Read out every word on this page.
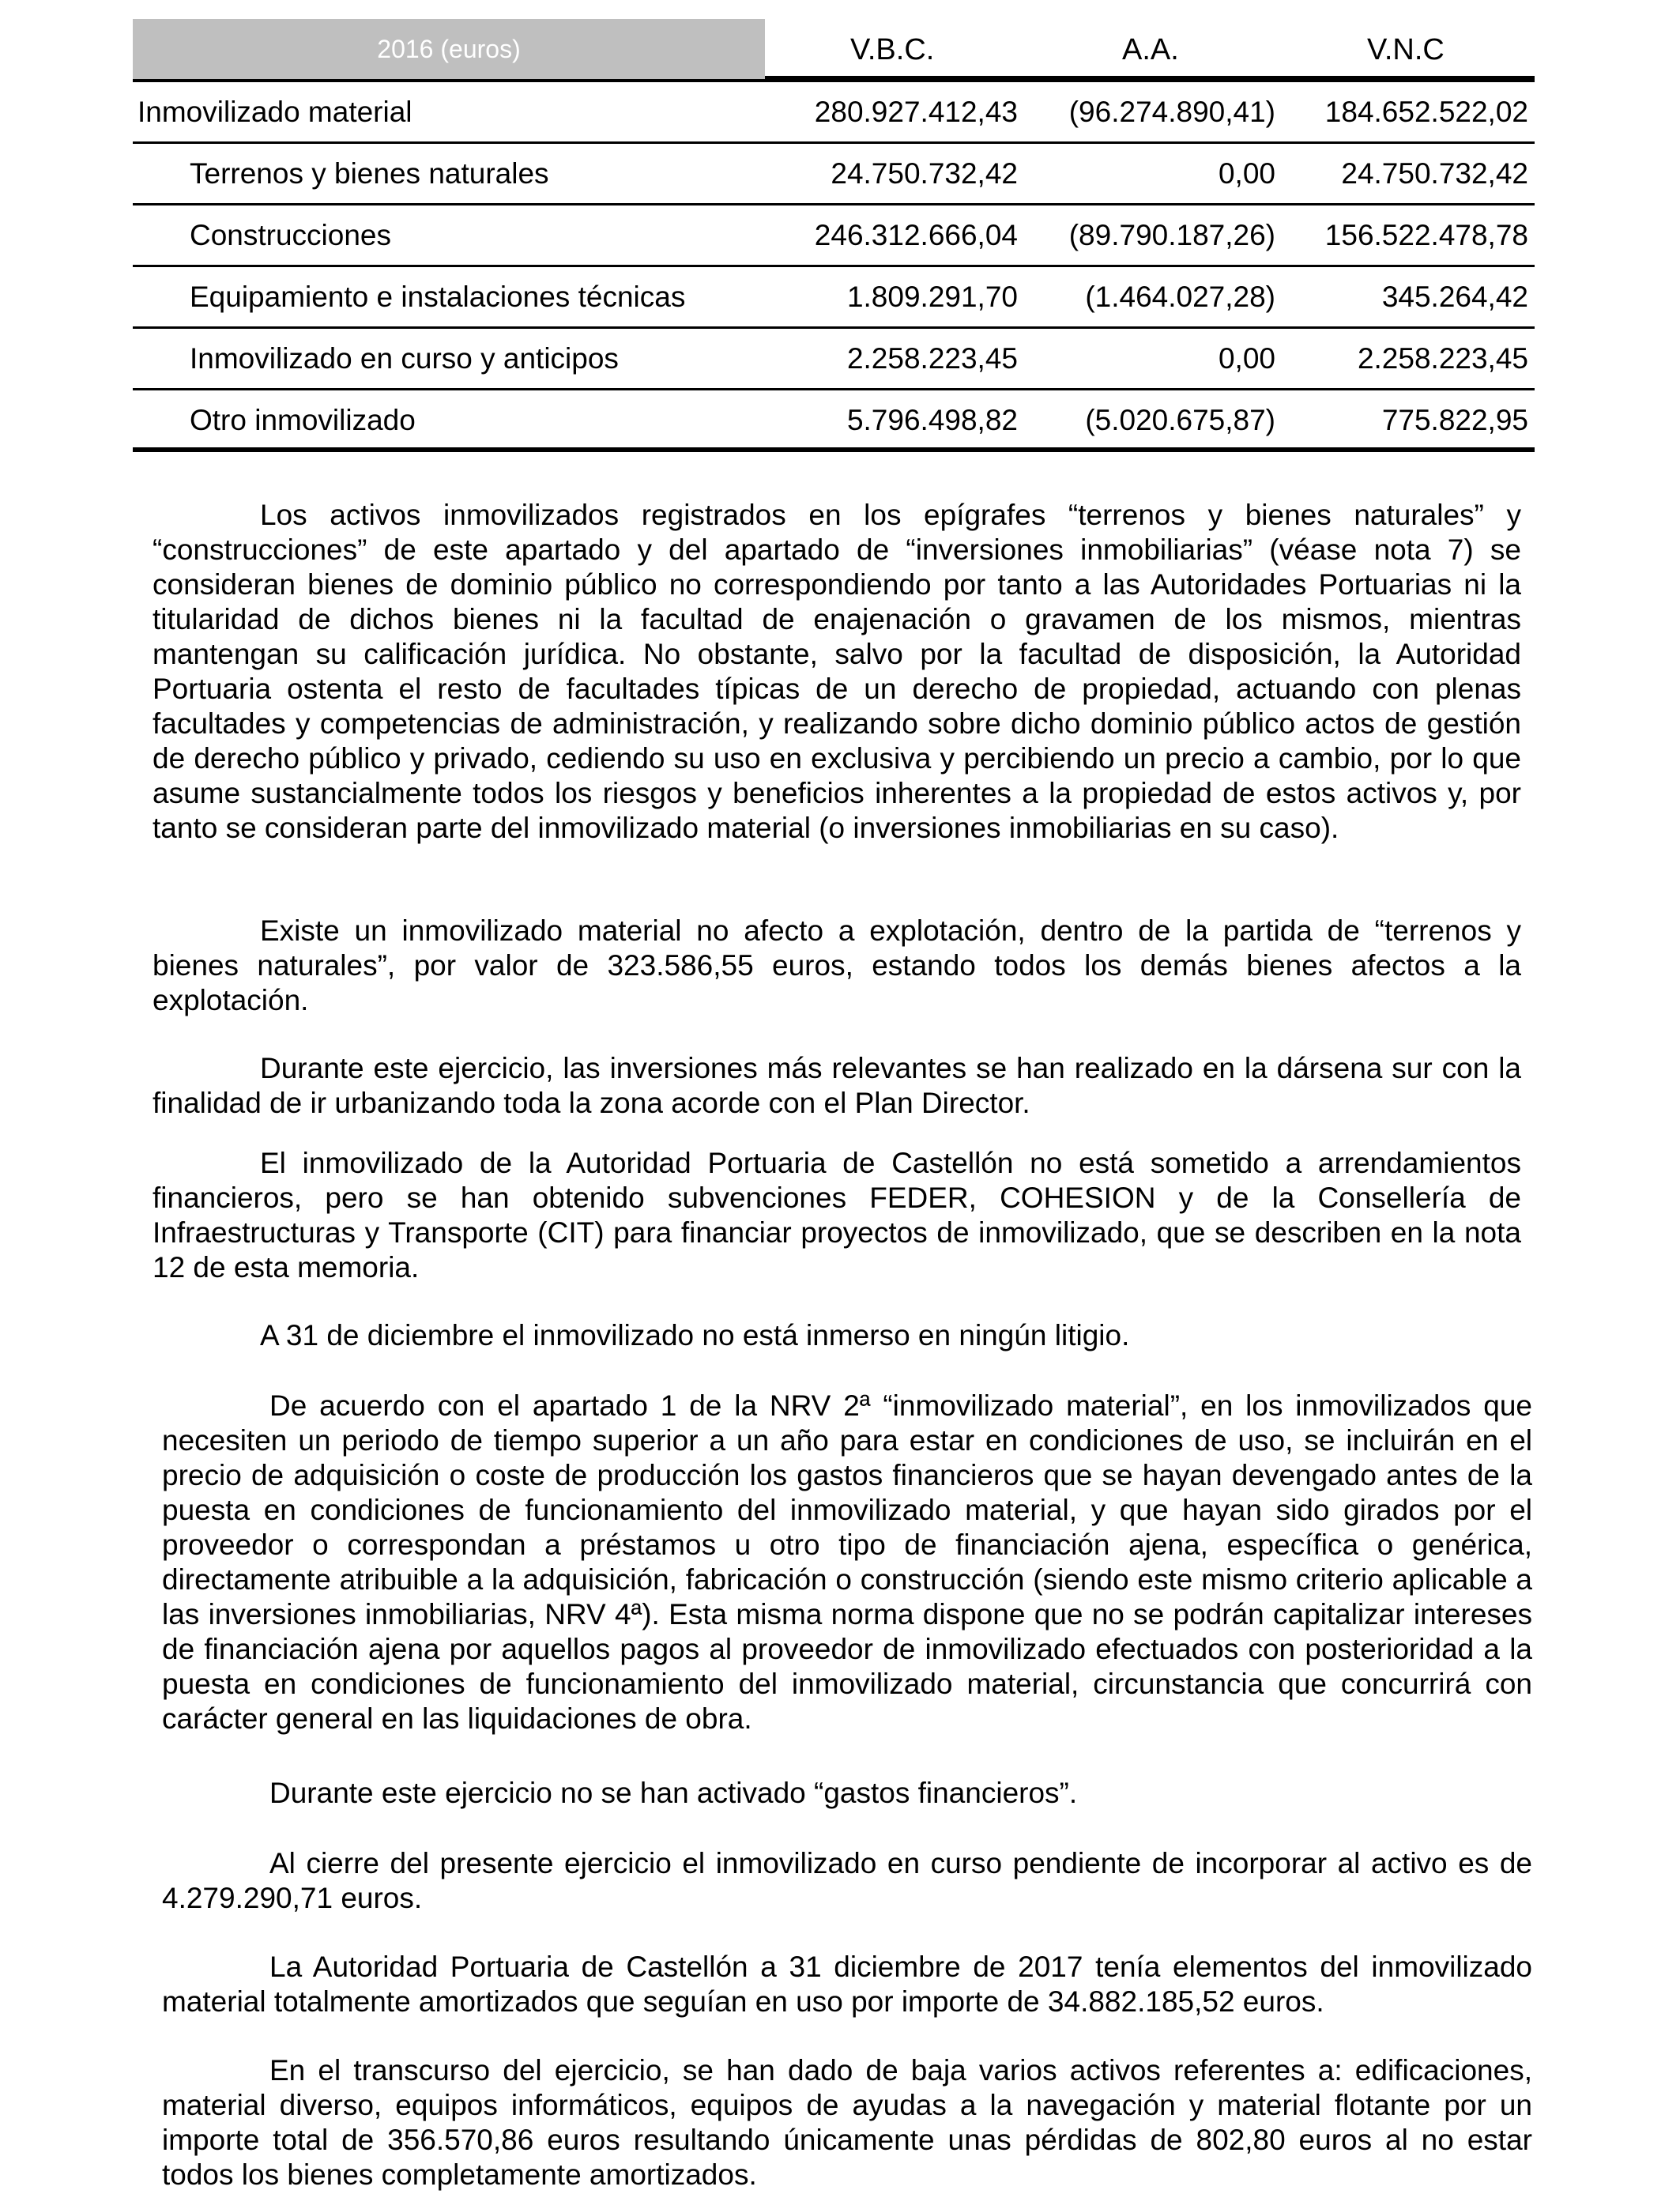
2016 (euros)	V.B.C.	A.A.	V.N.C
Inmovilizado material	280.927.412,43 (96.274.890,41) 184.652.522,02
Terrenos y bienes naturales	24.750.732,42	0,00 24.750.732,42
Construcciones	246.312.666,04 (89.790.187,26) 156.522.478,78
Equipamiento e instalaciones técnicas	1.809.291,70 (1.464.027,28)	345.264,42
Inmovilizado en curso y anticipos	2.258.223,45	0,00	2.258.223,45
Otro inmovilizado	5.796.498,82 (5.020.675,87)	775.822,95

Los activos inmovilizados registrados en los epígrafes “terrenos y bienes naturales” y “construcciones” de este apartado y del apartado de “inversiones inmobiliarias” (véase nota 7) se consideran bienes de dominio público no correspondiendo por tanto a las Autoridades Portuarias ni la titularidad de dichos bienes ni la facultad de enajenación o gravamen de los mismos, mientras mantengan su calificación jurídica. No obstante, salvo por la facultad de disposición, la Autoridad Portuaria ostenta el resto de facultades típicas de un derecho de propiedad, actuando con plenas facultades y competencias de administración, y realizando sobre dicho dominio público actos de gestión de derecho público y privado, cediendo su uso en exclusiva y percibiendo un precio a cambio, por lo que asume sustancialmente todos los riesgos y beneficios inherentes a la propiedad de estos activos y, por tanto se consideran parte del inmovilizado material (o inversiones inmobiliarias en su caso).

Existe un inmovilizado material no afecto a explotación, dentro de la partida de “terrenos y bienes naturales”, por valor de 323.586,55 euros, estando todos los demás bienes afectos a la explotación.

Durante este ejercicio, las inversiones más relevantes se han realizado en la dársena sur con la finalidad de ir urbanizando toda la zona acorde con el Plan Director.

El inmovilizado de la Autoridad Portuaria de Castellón no está sometido a arrendamientos financieros, pero se han obtenido subvenciones FEDER, COHESION y de la Consellería de Infraestructuras y Transporte (CIT) para financiar proyectos de inmovilizado, que se describen en la nota 12 de esta memoria.

A 31 de diciembre el inmovilizado no está inmerso en ningún litigio.

De acuerdo con el apartado 1 de la NRV 2ª “inmovilizado material”, en los inmovilizados que necesiten un periodo de tiempo superior a un año para estar en condiciones de uso, se incluirán en el precio de adquisición o coste de producción los gastos financieros que se hayan devengado antes de la puesta en condiciones de funcionamiento del inmovilizado material, y que hayan sido girados por el proveedor o correspondan a préstamos u otro tipo de financiación ajena, específica o genérica, directamente atribuible a la adquisición, fabricación o construcción (siendo este mismo criterio aplicable a las inversiones inmobiliarias, NRV 4ª). Esta misma norma dispone que no se podrán capitalizar intereses de financiación ajena por aquellos pagos al proveedor de inmovilizado efectuados con posterioridad a la puesta en condiciones de funcionamiento del inmovilizado material, circunstancia que concurrirá con carácter general en las liquidaciones de obra.

Durante este ejercicio no se han activado “gastos financieros”.

Al cierre del presente ejercicio el inmovilizado en curso pendiente de incorporar al activo es de 4.279.290,71 euros.

La Autoridad Portuaria de Castellón a 31 diciembre de 2017 tenía elementos del inmovilizado material totalmente amortizados que seguían en uso por importe de 34.882.185,52 euros.

En el transcurso del ejercicio, se han dado de baja varios activos referentes a: edificaciones, material diverso, equipos informáticos, equipos de ayudas a la navegación y material flotante por un importe total de 356.570,86 euros resultando únicamente unas pérdidas de 802,80 euros al no estar todos los bienes completamente amortizados.
